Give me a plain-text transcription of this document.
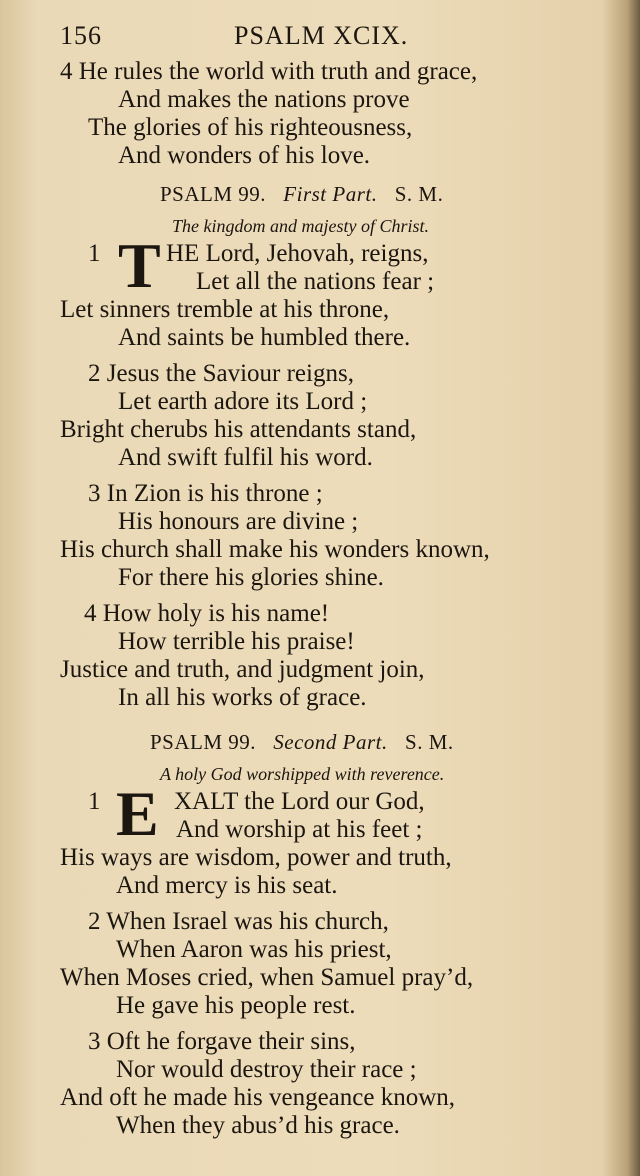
156	PSALM XCIX.
4 He rules the world with truth and grace,
And makes the nations prove
The glories of his righteousness,
And wonders of his love.
PSALM 99. First Part. S. M.
The kingdom and majesty of Christ.
1 T HE Lord, Jehovah, reigns,
Let all the nations fear ;
Let sinners tremble at his throne,
And saints be humbled there.
2 Jesus the Saviour reigns,
Let earth adore its Lord ;
Bright cherubs his attendants stand,
And swift fulfil his word.
3 In Zion is his throne ;
His honours are divine ;
His church shall make his wonders known,
For there his glories shine.
4 How holy is his name!
How terrible his praise!
Justice and truth, and judgment join,
In all his works of grace.
PSALM 99. Second Part. S. M.
A holy God worshipped with reverence.
1 E XALT the Lord our God,
And worship at his feet ;
His ways are wisdom, power and truth,
And mercy is his seat.
2 When Israel was his church,
When Aaron was his priest,
When Moses cried, when Samuel pray’d,
He gave his people rest.
3 Oft he forgave their sins,
Nor would destroy their race ;
And oft he made his vengeance known,
When they abus’d his grace.
